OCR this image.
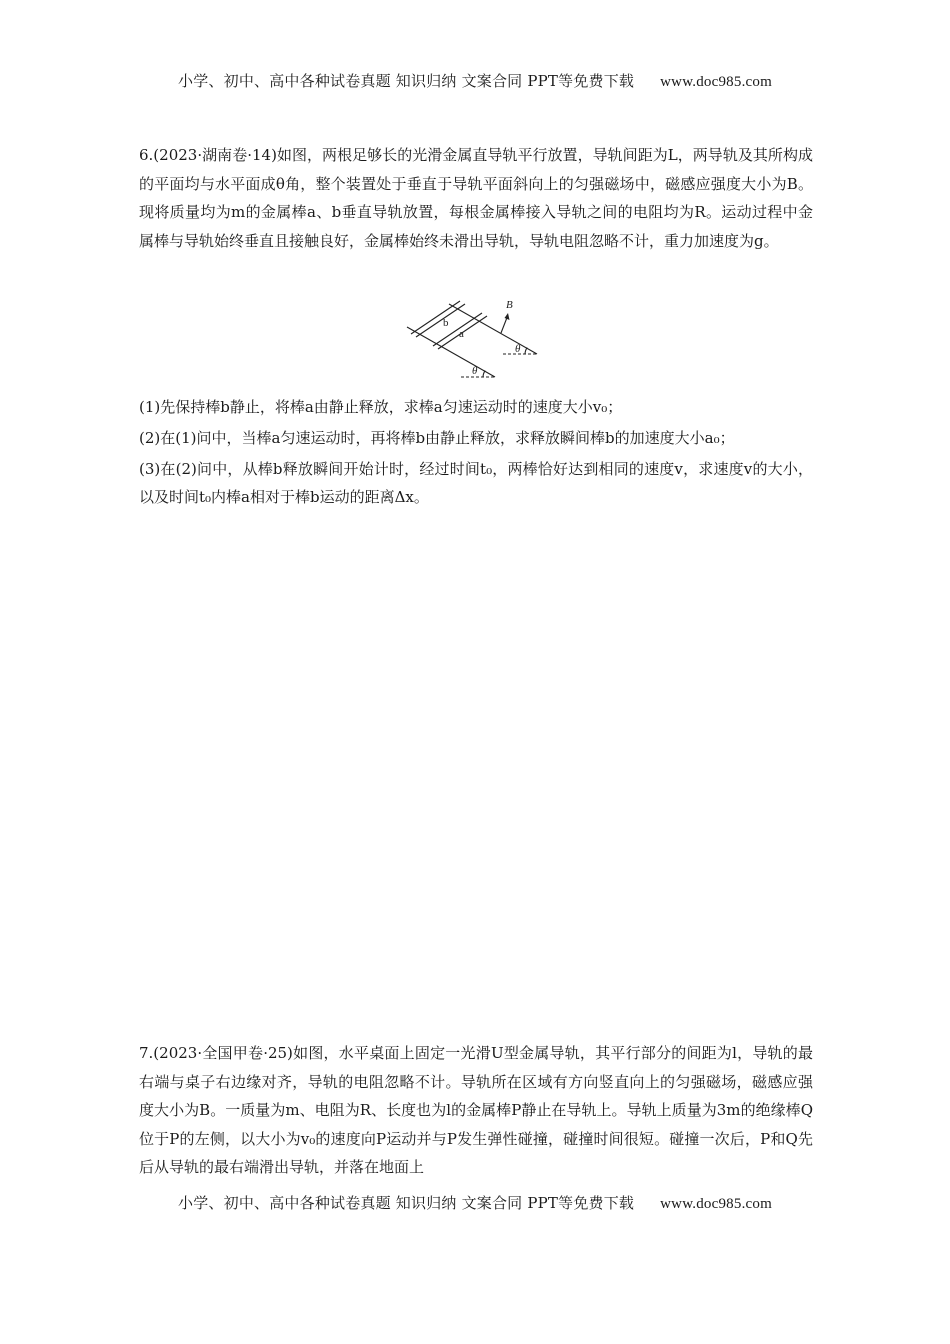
小学、初中、高中各种试卷真题 知识归纳 文案合同 PPT等免费下载 www.doc985.com
6.(2023·湖南卷·14)如图，两根足够长的光滑金属直导轨平行放置，导轨间距为L，两导轨及其所构成的平面均与水平面成θ角，整个装置处于垂直于导轨平面斜向上的匀强磁场中，磁感应强度大小为B。现将质量均为m的金属棒a、b垂直导轨放置，每根金属棒接入导轨之间的电阻均为R。运动过程中金属棒与导轨始终垂直且接触良好，金属棒始终未滑出导轨，导轨电阻忽略不计，重力加速度为g。
b
a
B
θ
θ
(1)先保持棒b静止，将棒a由静止释放，求棒a匀速运动时的速度大小v₀；
(2)在(1)问中，当棒a匀速运动时，再将棒b由静止释放，求释放瞬间棒b的加速度大小a₀；
(3)在(2)问中，从棒b释放瞬间开始计时，经过时间t₀，两棒恰好达到相同的速度v，求速度v的大小，以及时间t₀内棒a相对于棒b运动的距离Δx。
7.(2023·全国甲卷·25)如图，水平桌面上固定一光滑U型金属导轨，其平行部分的间距为l，导轨的最右端与桌子右边缘对齐，导轨的电阻忽略不计。导轨所在区域有方向竖直向上的匀强磁场，磁感应强度大小为B。一质量为m、电阻为R、长度也为l的金属棒P静止在导轨上。导轨上质量为3m的绝缘棒Q位于P的左侧，以大小为v₀的速度向P运动并与P发生弹性碰撞，碰撞时间很短。碰撞一次后，P和Q先后从导轨的最右端滑出导轨，并落在地面上
小学、初中、高中各种试卷真题 知识归纳 文案合同 PPT等免费下载 www.doc985.com
